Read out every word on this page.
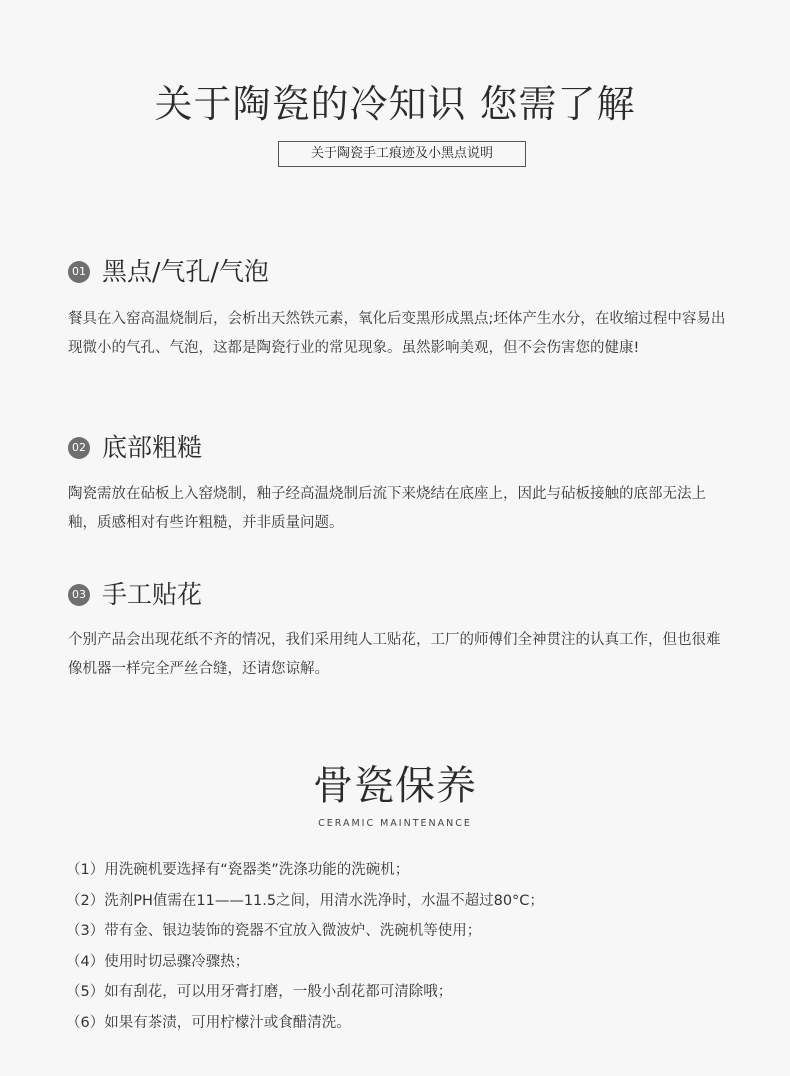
关于陶瓷的冷知识 您需了解
关于陶瓷手工痕迹及小黑点说明
01 黑点/气孔/气泡

餐具在入窑高温烧制后，会析出天然铁元素，氧化后变黑形成黑点;坯体产生水分，在收缩过程中容易出现微小的气孔、气泡，这都是陶瓷行业的常见现象。虽然影响美观，但不会伤害您的健康!

02 底部粗糙

陶瓷需放在砧板上入窑烧制，釉子经高温烧制后流下来烧结在底座上，因此与砧板接触的底部无法上釉，质感相对有些许粗糙，并非质量问题。

03 手工贴花

个别产品会出现花纸不齐的情况，我们采用纯人工贴花，工厂的师傅们全神贯注的认真工作，但也很难像机器一样完全严丝合缝，还请您谅解。

骨瓷保养
CERAMIC MAINTENANCE
（1）用洗碗机要选择有“瓷器类”洗涤功能的洗碗机；
（2）洗剂PH值需在11——11.5之间，用清水洗净时，水温不超过80°C；
（3）带有金、银边装饰的瓷器不宜放入微波炉、洗碗机等使用；
（4）使用时切忌骤冷骤热；
（5）如有刮花，可以用牙膏打磨，一般小刮花都可清除哦；
（6）如果有茶渍，可用柠檬汁或食醋清洗。
